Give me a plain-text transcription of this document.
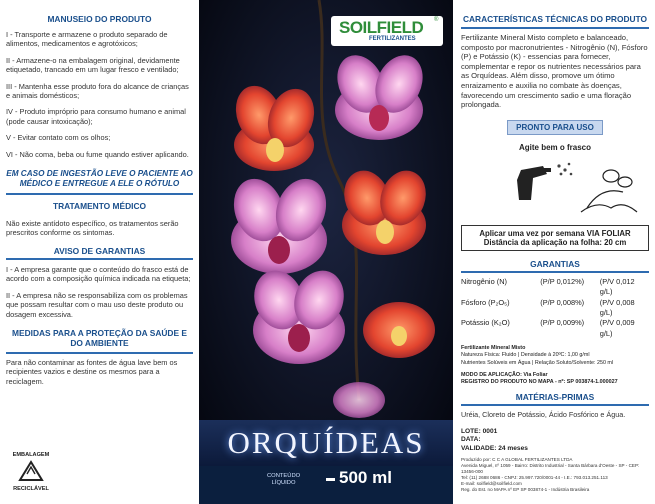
MANUSEIO DO PRODUTO
I - Transporte e armazene o produto separado de alimentos, medicamentos e agrotóxicos;
II - Armazene-o na embalagem original, devidamente etiquetado, trancado em um lugar fresco e ventilado;
III - Mantenha esse produto fora do alcance de crianças e animais domésticos;
IV - Produto impróprio para consumo humano e animal (pode causar intoxicação);
V - Evitar contato com os olhos;
VI - Não coma, beba ou fume quando estiver aplicando.
EM CASO DE INGESTÃO LEVE O PACIENTE AO MÉDICO E ENTREGUE A ELE O RÓTULO
TRATAMENTO MÉDICO
Não existe antídoto específico, os tratamentos serão prescritos conforme os sintomas.
AVISO DE GARANTIAS
I - A empresa garante que o conteúdo do frasco está de acordo com a composição química indicada na etiqueta;
II - A empresa não se responsabiliza com os problemas que possam resultar com o mau uso deste produto ou dosagem excessiva.
MEDIDAS PARA A PROTEÇÃO DA SAÚDE E DO AMBIENTE
Para não contaminar as fontes de água lave bem os recipientes vazios e destine os mesmos para a reciclagem.
EMBALAGEM
RECICLÁVEL
SOILFIELD ®
FERTILIZANTES
ORQUÍDEAS
CONTEÚDO
LÍQUIDO	500 ml
CARACTERÍSTICAS TÉCNICAS DO PRODUTO
Fertilizante Mineral Misto completo e balanceado, composto por macronutrientes - Nitrogênio (N), Fósforo (P) e Potássio (K) - essencias para fornecer, complementar e repor os nutrientes necessários para as Orquídeas. Além disso, promove um ótimo enraizamento e auxilia no combate às doenças, favorecendo um crescimento sadio e uma floração prolongada.
PRONTO PARA USO
Agite bem o frasco
Aplicar uma vez por semana VIA FOLIAR
Distância da aplicação na folha: 20 cm
GARANTIAS
Nitrogênio (N)	(P/P 0,012%)	(P/V 0,012 g/L)
Fósforo (P₂O₅)	(P/P 0,008%)	(P/V 0,008 g/L)
Potássio (K₂O)	(P/P 0,009%)	(P/V 0,009 g/L)
Fertilizante Mineral Misto
Natureza Física: Fluido | Densidade à 20ºC: 1,00 g/ml
Nutrientes Solúveis em Água | Relação Soluto/Solvente: 250 ml
MODO DE APLICAÇÃO: Via Foliar
REGISTRO DO PRODUTO NO MAPA - nº: SP 003874-1.000027
MATÉRIAS-PRIMAS
Uréia, Cloreto de Potássio, Ácido Fosfórico e Água.
LOTE: 0001
DATA:
VALIDADE: 24 meses
Produzido por: C C A GLOBAL FERTILIZANTES LTDA
Avenida Miguel, nº 1059 - Bairro: Distrito Industrial - Santa Bárbara d'Oeste - SP - CEP: 13456-000
Tel: (11) 2688 0686 - CNPJ: 25.997.720/0001-44 - I.E.: 793.013.251.113
E-mail: soilfield@soilfield.com
Reg. do Est. no MAPA nº EP SP 003874-1 - Indústria Brasileira
